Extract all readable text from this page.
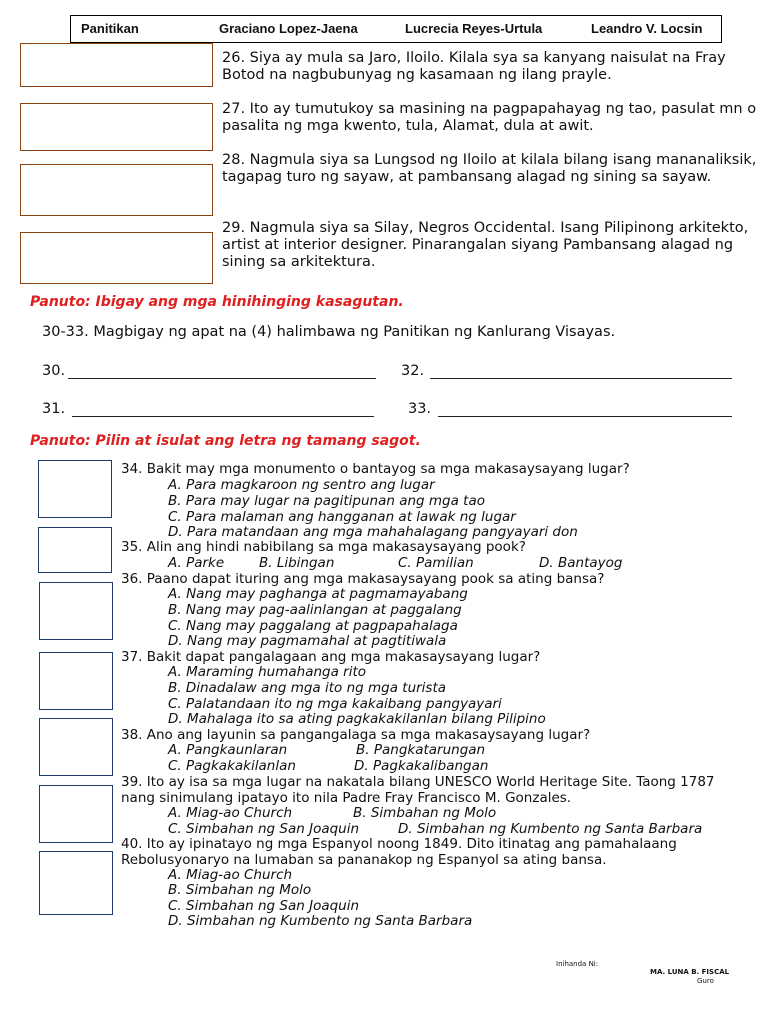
Panitikan	Graciano Lopez-Jaena	Lucrecia Reyes-Urtula	Leandro V. Locsin

26. Siya ay mula sa Jaro, Iloilo. Kilala sya sa kanyang naisulat na Fray Botod na nagbubunyag ng kasamaan ng ilang prayle.

27. Ito ay tumutukoy sa masining na pagpapahayag ng tao, pasulat mn o pasalita ng mga kwento, tula, Alamat, dula at awit.

28. Nagmula siya sa Lungsod ng Iloilo at kilala bilang isang mananaliksik, tagapag turo ng sayaw, at pambansang alagad ng sining sa sayaw.

29. Nagmula siya sa Silay, Negros Occidental. Isang Pilipinong arkitekto, artist at interior designer. Pinarangalan siyang Pambansang alagad ng sining sa arkitektura.

Panuto: Ibigay ang mga hinihinging kasagutan.
30-33. Magbigay ng apat na (4) halimbawa ng Panitikan ng Kanlurang Visayas.
30.	32.
31.	33.
Panuto: Pilin at isulat ang letra ng tamang sagot.
34. Bakit may mga monumento o bantayog sa mga makasaysayang lugar?
A. Para magkaroon ng sentro ang lugar
B. Para may lugar na pagitipunan ang mga tao
C. Para malaman ang hangganan at lawak ng lugar
D. Para matandaan ang mga mahahalagang pangyayari don
35. Alin ang hindi nabibilang sa mga makasaysayang pook?
A. Parke	B. Libingan	C. Pamilian	D. Bantayog
36. Paano dapat ituring ang mga makasaysayang pook sa ating bansa?
A. Nang may paghanga at pagmamayabang
B. Nang may pag-aalinlangan at paggalang
C. Nang may paggalang at pagpapahalaga
D. Nang may pagmamahal at pagtitiwala
37. Bakit dapat pangalagaan ang mga makasaysayang lugar?
A. Maraming humahanga rito
B. Dinadalaw ang mga ito ng mga turista
C. Palatandaan ito ng mga kakaibang pangyayari
D. Mahalaga ito sa ating pagkakakilanlan bilang Pilipino
38. Ano ang layunin sa pangangalaga sa mga makasaysayang lugar?
A. Pangkaunlaran	B. Pangkatarungan
C. Pagkakakilanlan	D. Pagkakalibangan
39. Ito ay isa sa mga lugar na nakatala bilang UNESCO World Heritage Site. Taong 1787 nang sinimulang ipatayo ito nila Padre Fray Francisco M. Gonzales.
A. Miag-ao Church	B. Simbahan ng Molo
C. Simbahan ng San Joaquin	D. Simbahan ng Kumbento ng Santa Barbara
40. Ito ay ipinatayo ng mga Espanyol noong 1849. Dito itinatag ang pamahalaang Rebolusyonaryo na lumaban sa pananakop ng Espanyol sa ating bansa.
A. Miag-ao Church
B. Simbahan ng Molo
C. Simbahan ng San Joaquin
D. Simbahan ng Kumbento ng Santa Barbara
Inihanda Ni:
MA. LUNA B. FISCAL
Guro
